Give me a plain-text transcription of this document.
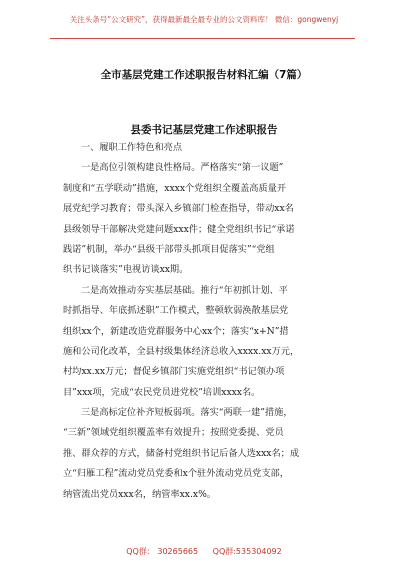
关注头条号“公文研究”，获得最新最全最专业的公文资料库！ 微信：gongwenyj
全市基层党建工作述职报告材料汇编（7篇）
县委书记基层党建工作述职报告
一、履职工作特色和亮点
一是高位引领构建良性格局。严格落实“第一议题”
制度和“五学联动”措施，xxxx个党组织全覆盖高质量开
展党纪学习教育；带头深入乡镇部门检查指导，带动xx名
县级领导干部解决党建问题xxx件；健全党组织书记“承诺
践诺”机制，举办“县级干部带头抓项目促落实”“党组
织书记谈落实”电视访谈xx期。
二是高效推动夯实基层基础。推行“年初抓计划、平
时抓指导、年底抓述职”工作模式，整顿软弱涣散基层党
组织xx个，新建改造党群服务中心xx个；落实“x+N”措
施和公司化改革，全县村级集体经济总收入xxxx.xx万元，
村均xx.xx万元；督促乡镇部门实施党组织“书记领办项
目”xxx项，完成“农民党员进党校”培训xxxx名。
三是高标定位补齐短板弱项。落实“两联一建”措施，
“三新”领域党组织覆盖率有效提升；按照党委提、党员
推、群众荐的方式，储备村党组织书记后备人选xxx名；成
立“归雁工程”流动党员党委和x个驻外流动党员党支部，
纳管流出党员xxx名，纳管率xx.x%。
QQ群： 30265665 QQ群:535304092
